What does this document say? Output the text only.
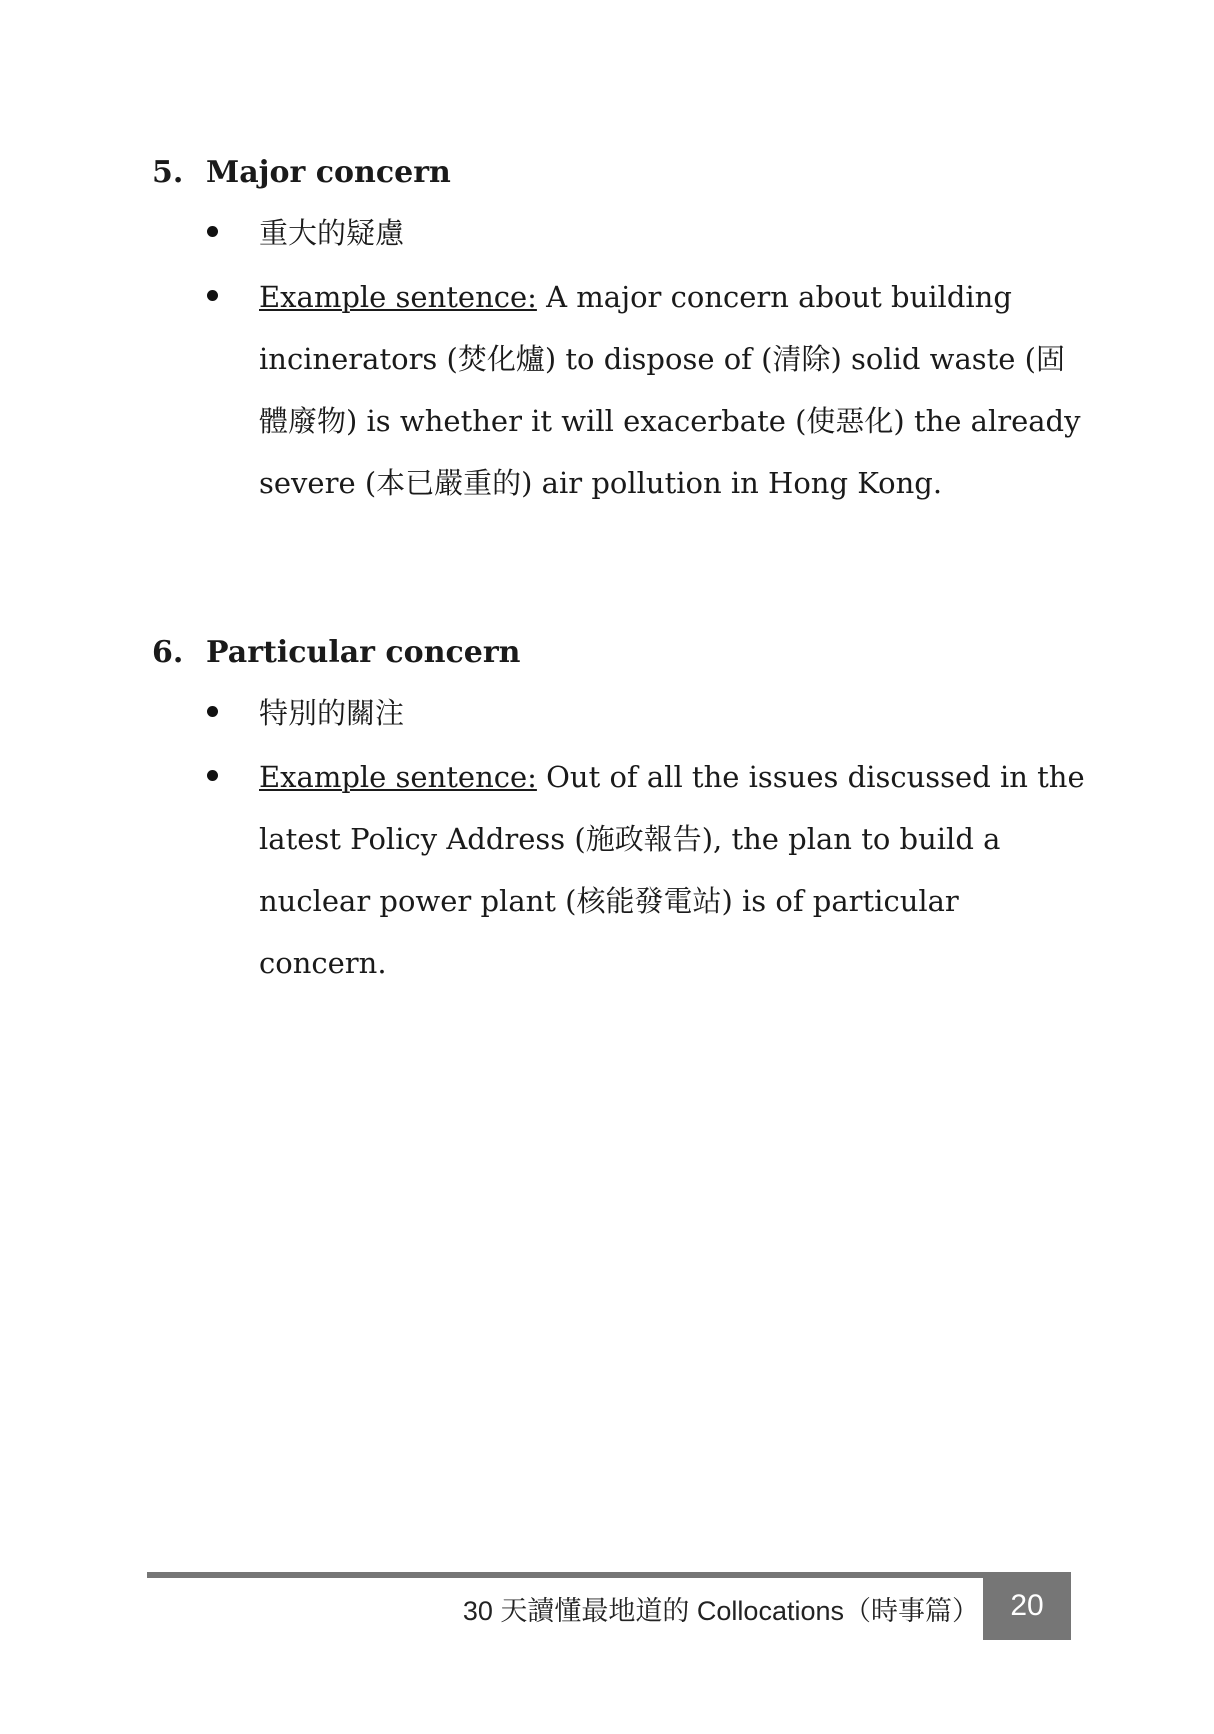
5. Major concern
重大的疑慮
Example sentence: A major concern about building incinerators (焚化爐) to dispose of (清除) solid waste (固體廢物) is whether it will exacerbate (使惡化) the already severe (本已嚴重的) air pollution in Hong Kong.
6. Particular concern
特別的關注
Example sentence: Out of all the issues discussed in the latest Policy Address (施政報告), the plan to build a nuclear power plant (核能發電站) is of particular concern.
30 天讀懂最地道的 Collocations（時事篇） 20
